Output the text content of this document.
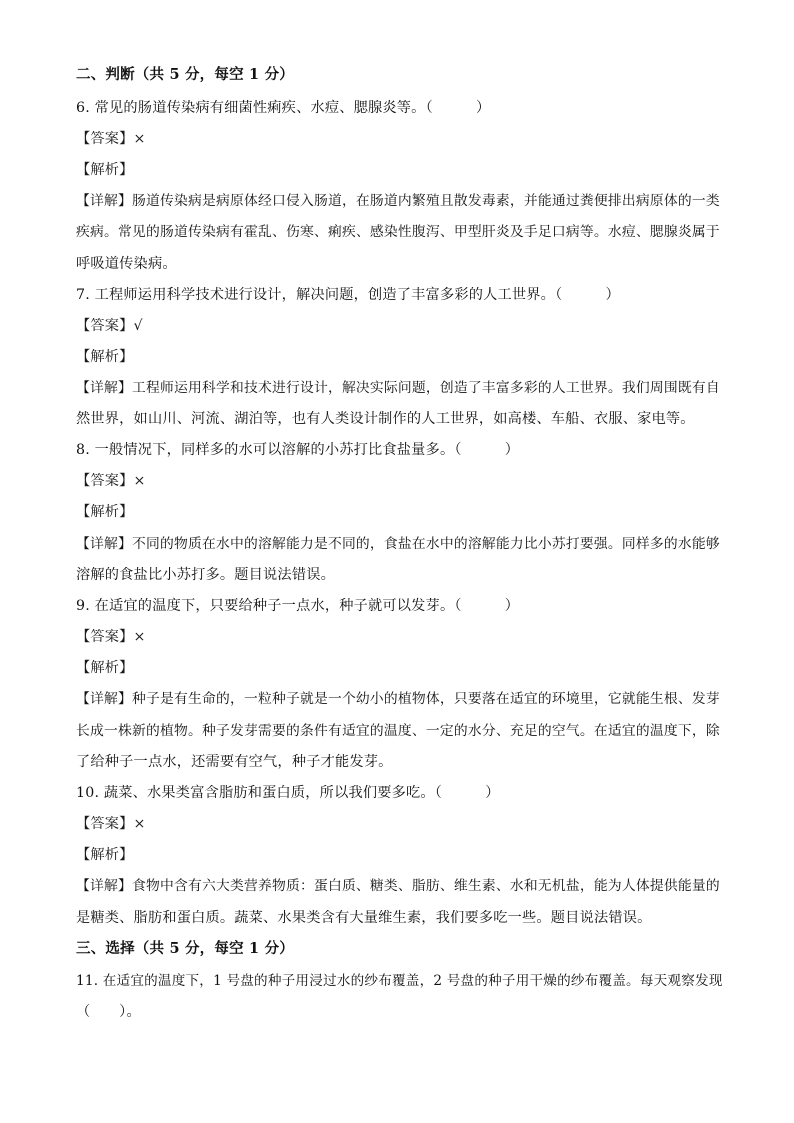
二、判断（共 5 分，每空 1 分）
6. 常见的肠道传染病有细菌性痢疾、水痘、腮腺炎等。（　　　）
【答案】×
【解析】
【详解】肠道传染病是病原体经口侵入肠道，在肠道内繁殖且散发毒素，并能通过粪便排出病原体的一类
疾病。常见的肠道传染病有霍乱、伤寒、痢疾、感染性腹泻、甲型肝炎及手足口病等。水痘、腮腺炎属于
呼吸道传染病。
7. 工程师运用科学技术进行设计，解决问题，创造了丰富多彩的人工世界。（　　　）
【答案】√
【解析】
【详解】工程师运用科学和技术进行设计，解决实际问题，创造了丰富多彩的人工世界。我们周围既有自
然世界，如山川、河流、湖泊等，也有人类设计制作的人工世界，如高楼、车船、衣服、家电等。
8. 一般情况下，同样多的水可以溶解的小苏打比食盐量多。（　　　）
【答案】×
【解析】
【详解】不同的物质在水中的溶解能力是不同的，食盐在水中的溶解能力比小苏打要强。同样多的水能够
溶解的食盐比小苏打多。题目说法错误。
9. 在适宜的温度下，只要给种子一点水，种子就可以发芽。（　　　）
【答案】×
【解析】
【详解】种子是有生命的，一粒种子就是一个幼小的植物体，只要落在适宜的环境里，它就能生根、发芽
长成一株新的植物。种子发芽需要的条件有适宜的温度、一定的水分、充足的空气。在适宜的温度下，除
了给种子一点水，还需要有空气，种子才能发芽。
10. 蔬菜、水果类富含脂肪和蛋白质，所以我们要多吃。（　　　）
【答案】×
【解析】
【详解】食物中含有六大类营养物质：蛋白质、糖类、脂肪、维生素、水和无机盐，能为人体提供能量的
是糖类、脂肪和蛋白质。蔬菜、水果类含有大量维生素，我们要多吃一些。题目说法错误。
三、选择（共 5 分，每空 1 分）
11. 在适宜的温度下，1 号盘的种子用浸过水的纱布覆盖，2 号盘的种子用干燥的纱布覆盖。每天观察发现
（　　）。
